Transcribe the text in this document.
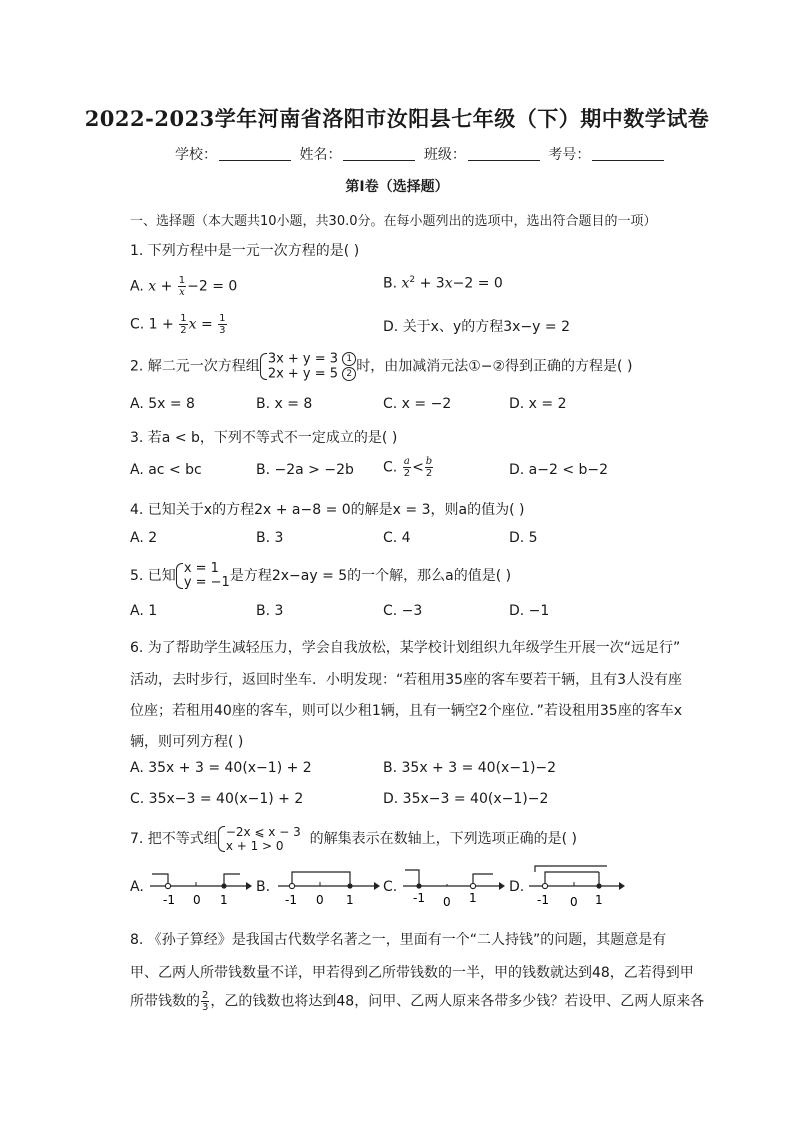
2022-2023学年河南省洛阳市汝阳县七年级（下）期中数学试卷
学校：	姓名：	班级：	考号：
第Ⅰ卷（选择题）
一、选择题（本大题共10小题，共30.0分。在每小题列出的选项中，选出符合题目的一项）
1. 下列方程中是一元一次方程的是( )
A. $x + \frac{1}{x} -2 = 0$	B. $x^2 + 3x-2 = 0$
C. $1 + \frac{1}{2}$ $x = \frac{1}{3}$	D. 关于x、y的方程3x−y = 2
2. 解二元一次方程组 3x + y = 3 1
2x + y = 5 2 时，由加减消元法①−②得到正确的方程是( )
A. 5x = 8	B. x = 8	C. x = −2	D. x = 2
3. 若a < b，下列不等式不一定成立的是( )
A. ac < bc	B. −2a > −2b C. $\frac{a}{2} < \frac{b}{2}$	D. a−2 < b−2
4. 已知关于x的方程2x + a−8 = 0的解是x = 3，则a的值为( )
A. 2	B. 3	C. 4	D. 5
5. 已知 x = 1
y = −1是方程2x−ay = 5的一个解，那么a的值是( )
A. 1	B. 3	C. −3	D. −1
6. 为了帮助学生减轻压力，学会自我放松，某学校计划组织九年级学生开展一次“远足行”
活动，去时步行，返回时坐车．小明发现：“若租用35座的客车要若干辆，且有3人没有座
位座；若租用40座的客车，则可以少租1辆，且有一辆空2个座位．”若设租用35座的客车x
辆，则可列方程( )
A. 35x + 3 = 40(x−1) + 2	B. 35x + 3 = 40(x−1)−2
C. 35x−3 = 40(x−1) + 2	D. 35x−3 = 40(x−1)−2
7. 把不等式组 −2x ⩽ x − 3
x + 1 > 0 的解集表示在数轴上，下列选项正确的是( )
A.	B.	C.	D.
-1 0 1	-1 0 1	-1 0 1	-1 0 1
8. 《孙子算经》是我国古代数学名著之一，里面有一个“二人持钱”的问题，其题意是有
甲、乙两人所带钱数量不详，甲若得到乙所带钱数的一半，甲的钱数就达到48，乙若得到甲
所带钱数的 $\frac{2}{3}$ ，乙的钱数也将达到48，问甲、乙两人原来各带多少钱？若设甲、乙两人原来各
